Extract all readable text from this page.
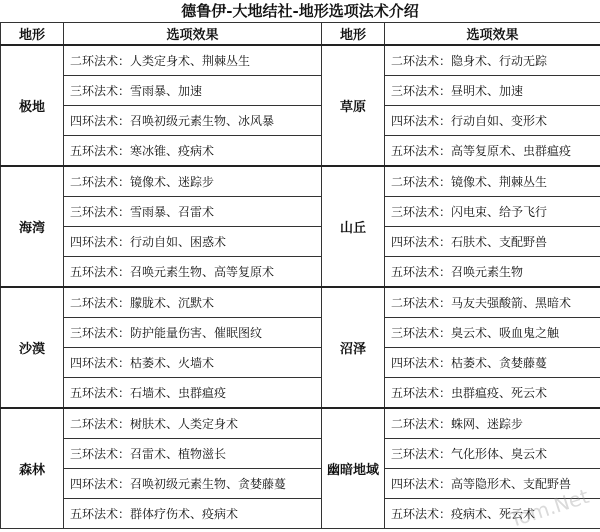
德鲁伊-大地结社-地形选项法术介绍
地形	选项效果	地形	选项效果
极地	二环法术：人类定身术、荆棘丛生	草原	二环法术：隐身术、行动无踪
	三环法术：雪雨暴、加速		三环法术：昼明术、加速
	四环法术：召唤初级元素生物、冰风暴		四环法术：行动自如、变形术
	五环法术：寒冰锥、疫病术		五环法术：高等复原术、虫群瘟疫
海湾	二环法术：镜像术、迷踪步	山丘	二环法术：镜像术、荆棘丛生
	三环法术：雪雨暴、召雷术		三环法术：闪电束、给予飞行
	四环法术：行动自如、困惑术		四环法术：石肤术、支配野兽
	五环法术：召唤元素生物、高等复原术		五环法术：召唤元素生物
沙漠	二环法术：朦胧术、沉默术	沼泽	二环法术：马友夫强酸箭、黑暗术
	三环法术：防护能量伤害、催眠图纹		三环法术：臭云术、吸血鬼之触
	四环法术：枯萎术、火墙术		四环法术：枯萎术、贪婪藤蔓
	五环法术：石墙术、虫群瘟疫		五环法术：虫群瘟疫、死云术
森林	二环法术：树肤术、人类定身术	幽暗地域	二环法术：蛛网、迷踪步
	三环法术：召雷术、植物滋长		三环法术：气化形体、臭云术
	四环法术：召唤初级元素生物、贪婪藤蔓		四环法术：高等隐形术、支配野兽
	五环法术：群体疗伤术、疫病术		五环法术：疫病术、死云术
Tom.Net
